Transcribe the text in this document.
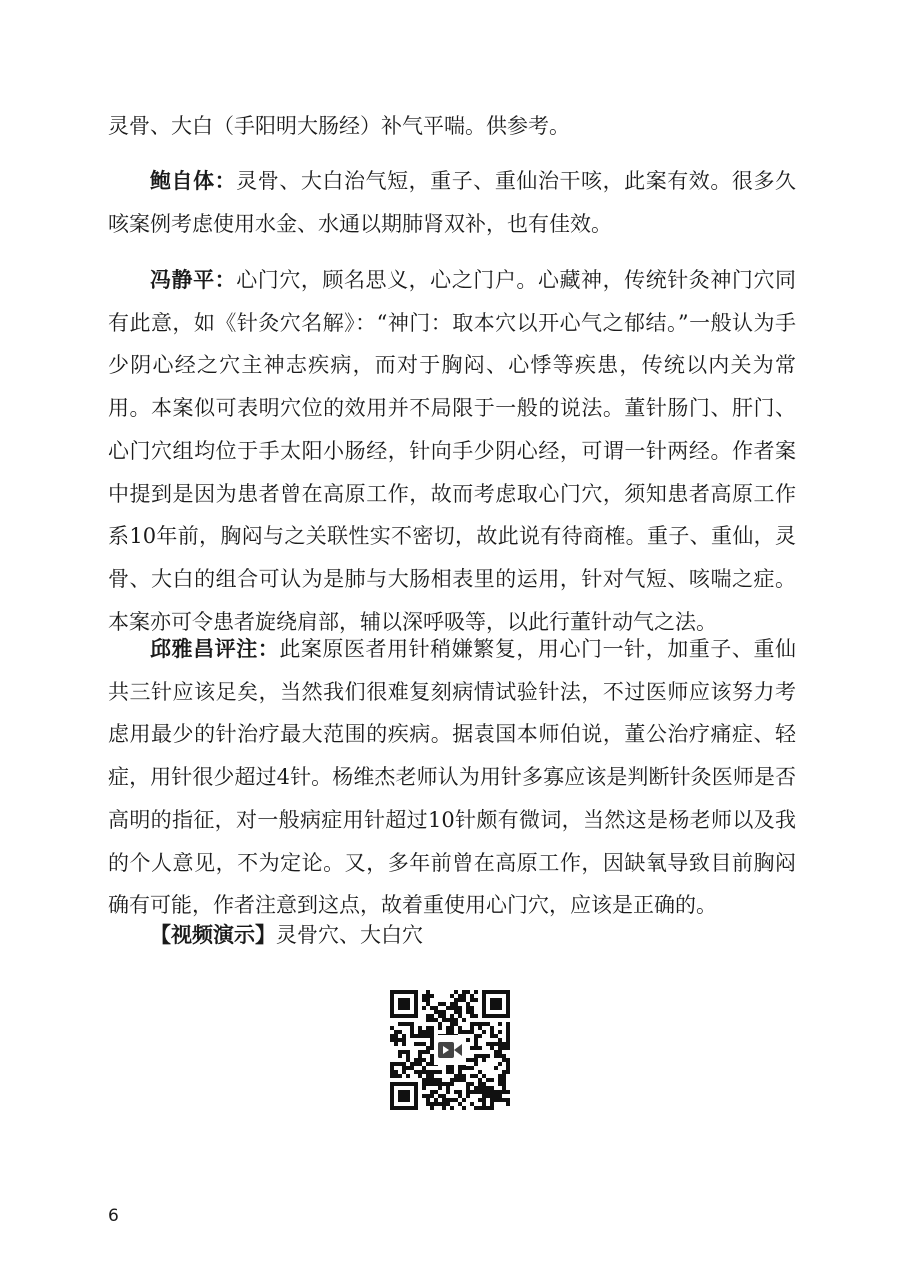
灵骨、大白（手阳明大肠经）补气平喘。供参考。

鲍自体：灵骨、大白治气短，重子、重仙治干咳，此案有效。很多久咳案例考虑使用水金、水通以期肺肾双补，也有佳效。

冯静平：心门穴，顾名思义，心之门户。心藏神，传统针灸神门穴同有此意，如《针灸穴名解》：“神门：取本穴以开心气之郁结。”一般认为手少阴心经之穴主神志疾病，而对于胸闷、心悸等疾患，传统以内关为常用。本案似可表明穴位的效用并不局限于一般的说法。董针肠门、肝门、心门穴组均位于手太阳小肠经，针向手少阴心经，可谓一针两经。作者案中提到是因为患者曾在高原工作，故而考虑取心门穴，须知患者高原工作系10年前，胸闷与之关联性实不密切，故此说有待商榷。重子、重仙，灵骨、大白的组合可认为是肺与大肠相表里的运用，针对气短、咳喘之症。本案亦可令患者旋绕肩部，辅以深呼吸等，以此行董针动气之法。

邱雅昌评注：此案原医者用针稍嫌繁复，用心门一针，加重子、重仙共三针应该足矣，当然我们很难复刻病情试验针法，不过医师应该努力考虑用最少的针治疗最大范围的疾病。据袁国本师伯说，董公治疗痛症、轻症，用针很少超过4针。杨维杰老师认为用针多寡应该是判断针灸医师是否高明的指征，对一般病症用针超过10针颇有微词，当然这是杨老师以及我的个人意见，不为定论。又，多年前曾在高原工作，因缺氧导致目前胸闷确有可能，作者注意到这点，故着重使用心门穴，应该是正确的。

【视频演示】灵骨穴、大白穴
6
